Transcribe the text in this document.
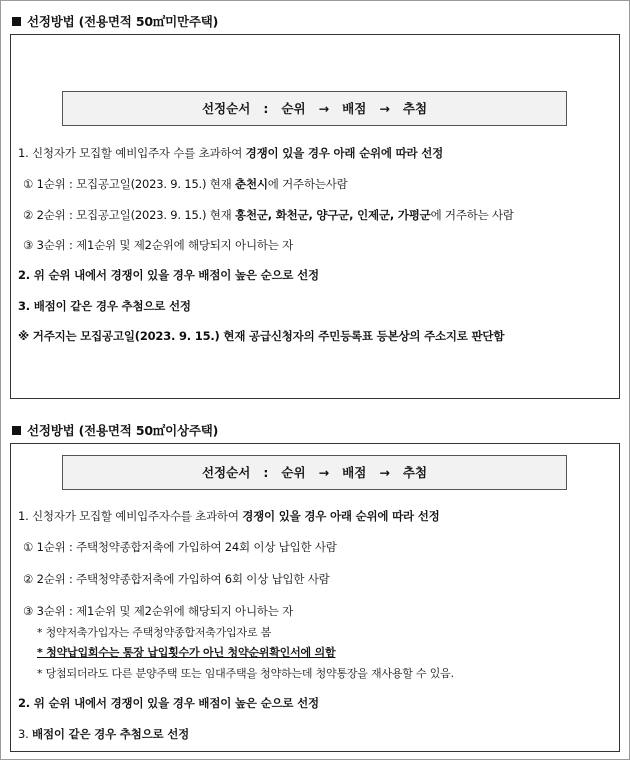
선정방법 (전용면적 50㎡미만주택)
선정순서   :   순위   →   배점   →   추첨
1. 신청자가 모집할 예비입주자 수를 초과하여 경쟁이 있을 경우 아래 순위에 따라 선정
① 1순위 : 모집공고일(2023. 9. 15.) 현재 춘천시에 거주하는사람
② 2순위 : 모집공고일(2023. 9. 15.) 현재 홍천군, 화천군, 양구군, 인제군, 가평군에 거주하는 사람
③ 3순위 : 제1순위 및 제2순위에 해당되지 아니하는 자
2. 위 순위 내에서 경쟁이 있을 경우 배점이 높은 순으로 선정
3. 배점이 같은 경우 추첨으로 선정
※ 거주지는 모집공고일(2023. 9. 15.) 현재 공급신청자의 주민등록표 등본상의 주소지로 판단함
선정방법 (전용면적 50㎡이상주택)
선정순서   :   순위   →   배점   →   추첨
1. 신청자가 모집할 예비입주자수를 초과하여 경쟁이 있을 경우 아래 순위에 따라 선정
① 1순위 : 주택청약종합저축에 가입하여 24회 이상 납입한 사람
② 2순위 : 주택청약종합저축에 가입하여 6회 이상 납입한 사람
③ 3순위 : 제1순위 및 제2순위에 해당되지 아니하는 자
* 청약저축가입자는 주택청약종합저축가입자로 봄
* 청약납입회수는 통장 납입횟수가 아닌 청약순위확인서에 의함
* 당첨되더라도 다른 분양주택 또는 임대주택을 청약하는데 청약통장을 재사용할 수 있음.
2. 위 순위 내에서 경쟁이 있을 경우 배점이 높은 순으로 선정
3. 배점이 같은 경우 추첨으로 선정
